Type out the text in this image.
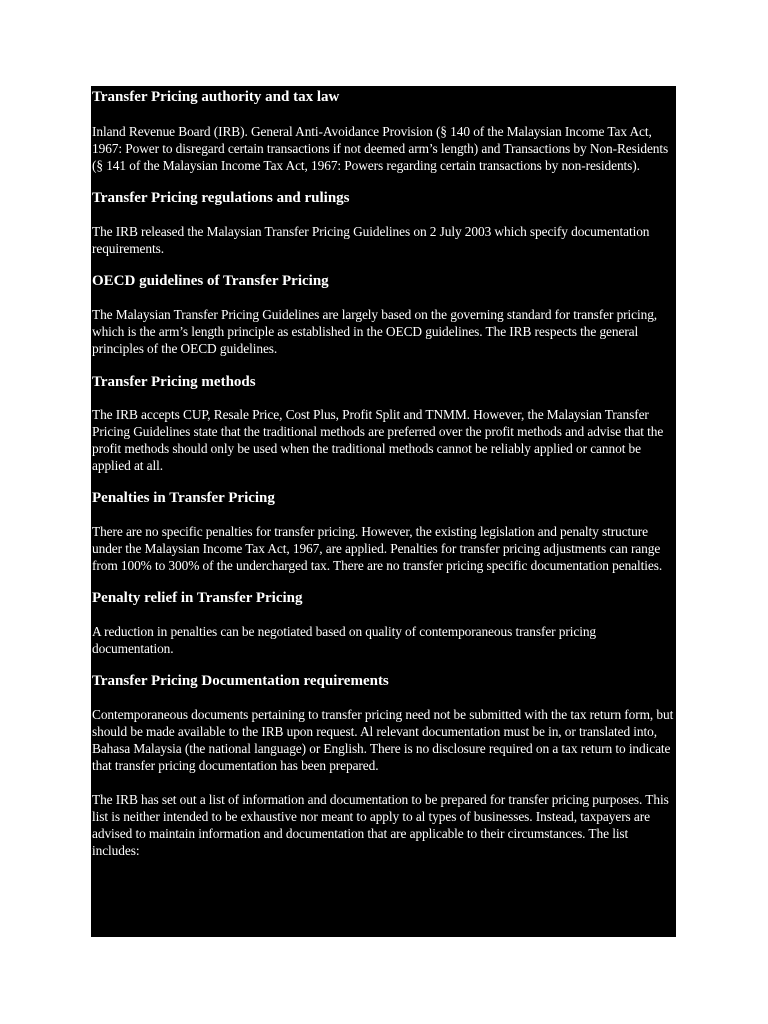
Transfer Pricing authority and tax law

Inland Revenue Board (IRB). General Anti-Avoidance Provision (§ 140 of the Malaysian Income Tax Act, 1967: Power to disregard certain transactions if not deemed arm’s length) and Transactions by Non-Residents (§ 141 of the Malaysian Income Tax Act, 1967: Powers regarding certain transactions by non-residents).

Transfer Pricing regulations and rulings

The IRB released the Malaysian Transfer Pricing Guidelines on 2 July 2003 which specify documentation requirements.

OECD guidelines of Transfer Pricing

The Malaysian Transfer Pricing Guidelines are largely based on the governing standard for transfer pricing, which is the arm’s length principle as established in the OECD guidelines. The IRB respects the general principles of the OECD guidelines.

Transfer Pricing methods

The IRB accepts CUP, Resale Price, Cost Plus, Profit Split and TNMM. However, the Malaysian Transfer Pricing Guidelines state that the traditional methods are preferred over the profit methods and advise that the profit methods should only be used when the traditional methods cannot be reliably applied or cannot be applied at all.

Penalties in Transfer Pricing

There are no specific penalties for transfer pricing. However, the existing legislation and penalty structure under the Malaysian Income Tax Act, 1967, are applied. Penalties for transfer pricing adjustments can range from 100% to 300% of the undercharged tax. There are no transfer pricing specific documentation penalties.

Penalty relief in Transfer Pricing

A reduction in penalties can be negotiated based on quality of contemporaneous transfer pricing documentation.

Transfer Pricing Documentation requirements

Contemporaneous documents pertaining to transfer pricing need not be submitted with the tax return form, but should be made available to the IRB upon request. Al relevant documentation must be in, or translated into, Bahasa Malaysia (the national language) or English. There is no disclosure required on a tax return to indicate that transfer pricing documentation has been prepared.

The IRB has set out a list of information and documentation to be prepared for transfer pricing purposes. This list is neither intended to be exhaustive nor meant to apply to al types of businesses. Instead, taxpayers are advised to maintain information and documentation that are applicable to their circumstances. The list includes:
